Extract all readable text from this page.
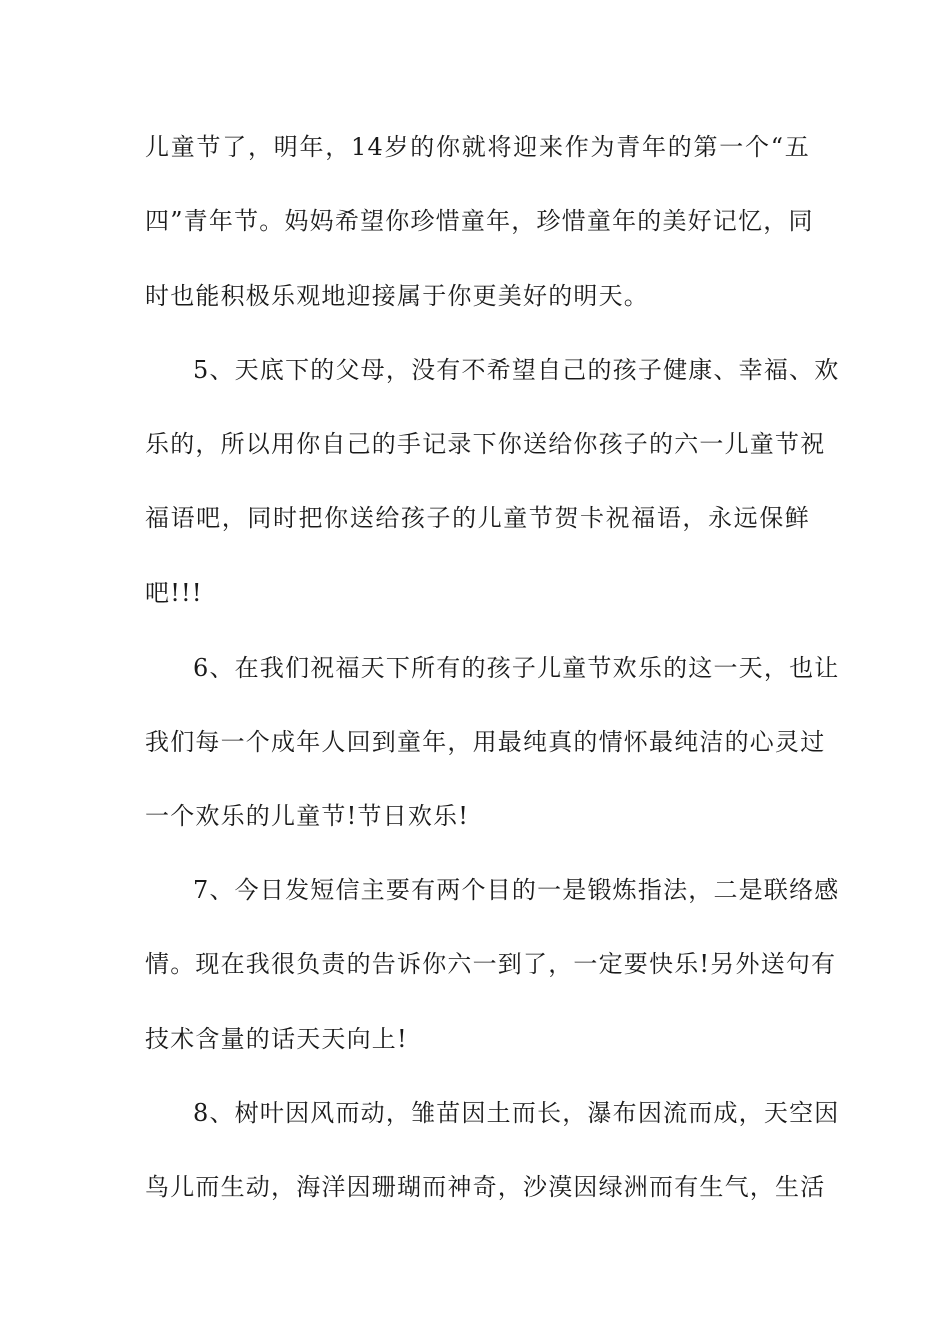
儿童节了，明年，14岁的你就将迎来作为青年的第一个“五
四”青年节。妈妈希望你珍惜童年，珍惜童年的美好记忆，同
时也能积极乐观地迎接属于你更美好的明天。
5、天底下的父母，没有不希望自己的孩子健康、幸福、欢
乐的，所以用你自己的手记录下你送给你孩子的六一儿童节祝
福语吧，同时把你送给孩子的儿童节贺卡祝福语，永远保鲜
吧!!!
6、在我们祝福天下所有的孩子儿童节欢乐的这一天，也让
我们每一个成年人回到童年，用最纯真的情怀最纯洁的心灵过
一个欢乐的儿童节!节日欢乐!
7、今日发短信主要有两个目的一是锻炼指法，二是联络感
情。现在我很负责的告诉你六一到了，一定要快乐!另外送句有
技术含量的话天天向上!
8、树叶因风而动，雏苗因土而长，瀑布因流而成，天空因
鸟儿而生动，海洋因珊瑚而神奇，沙漠因绿洲而有生气，生活
